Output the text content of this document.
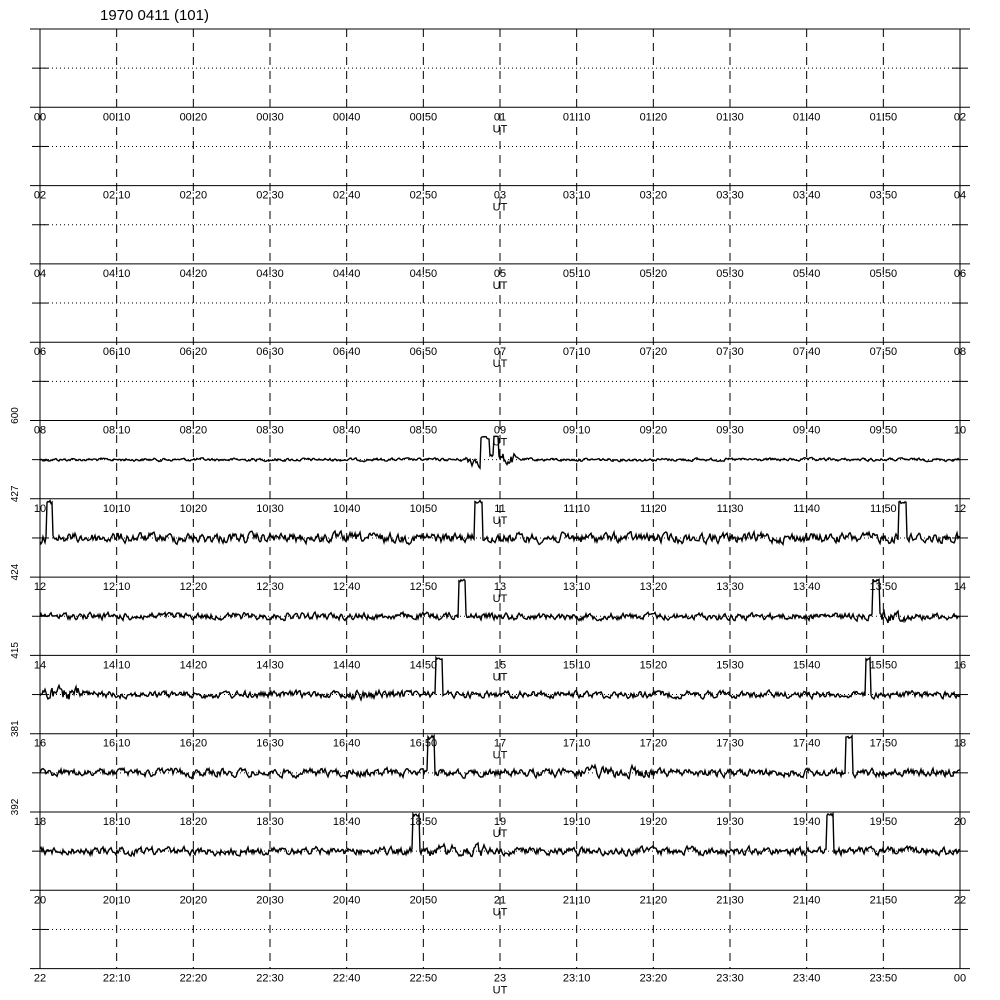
1970 0411 (101)
00	02
00:10	00:20	00:30	00:40	00:50	01:10	01:20	01:30	01:40	01:50
01
UT
02	04
02:10	02:20	02:30	02:40	02:50	03:10	03:20	03:30	03:40	03:50
03
UT
04	06
04:10	04:20	04:30	04:40	04:50	05:10	05:20	05:30	05:40	05:50
05
UT
06	08
06:10	06:20	06:30	06:40	06:50	07:10	07:20	07:30	07:40	07:50
07
UT
08	10
08:10	08:20	08:30	08:40	08:50	09:10	09:20	09:30	09:40	09:50
09
UT
10	12
10:10	10:20	10:30	10:40	10:50	11:10	11:20	11:30	11:40	11:50
11
UT
600
12	14
12:10	12:20	12:30	12:40	12:50	13:10	13:20	13:30	13:40	13:50
13
UT
427
14	16
14:10	14:20	14:30	14:40	14:50	15:10	15:20	15:30	15:40	15:50
15
UT
424
16	18
16:10	16:20	16:30	16:40	16:50	17:10	17:20	17:30	17:40	17:50
17
UT
415
18	20
18:10	18:20	18:30	18:40	18:50	19:10	19:20	19:30	19:40	19:50
19
UT
381
20	22
20:10	20:20	20:30	20:40	20:50	21:10	21:20	21:30	21:40	21:50
21
UT
392
22	00
22:10	22:20	22:30	22:40	22:50	23:10	23:20	23:30	23:40	23:50
23
UT
